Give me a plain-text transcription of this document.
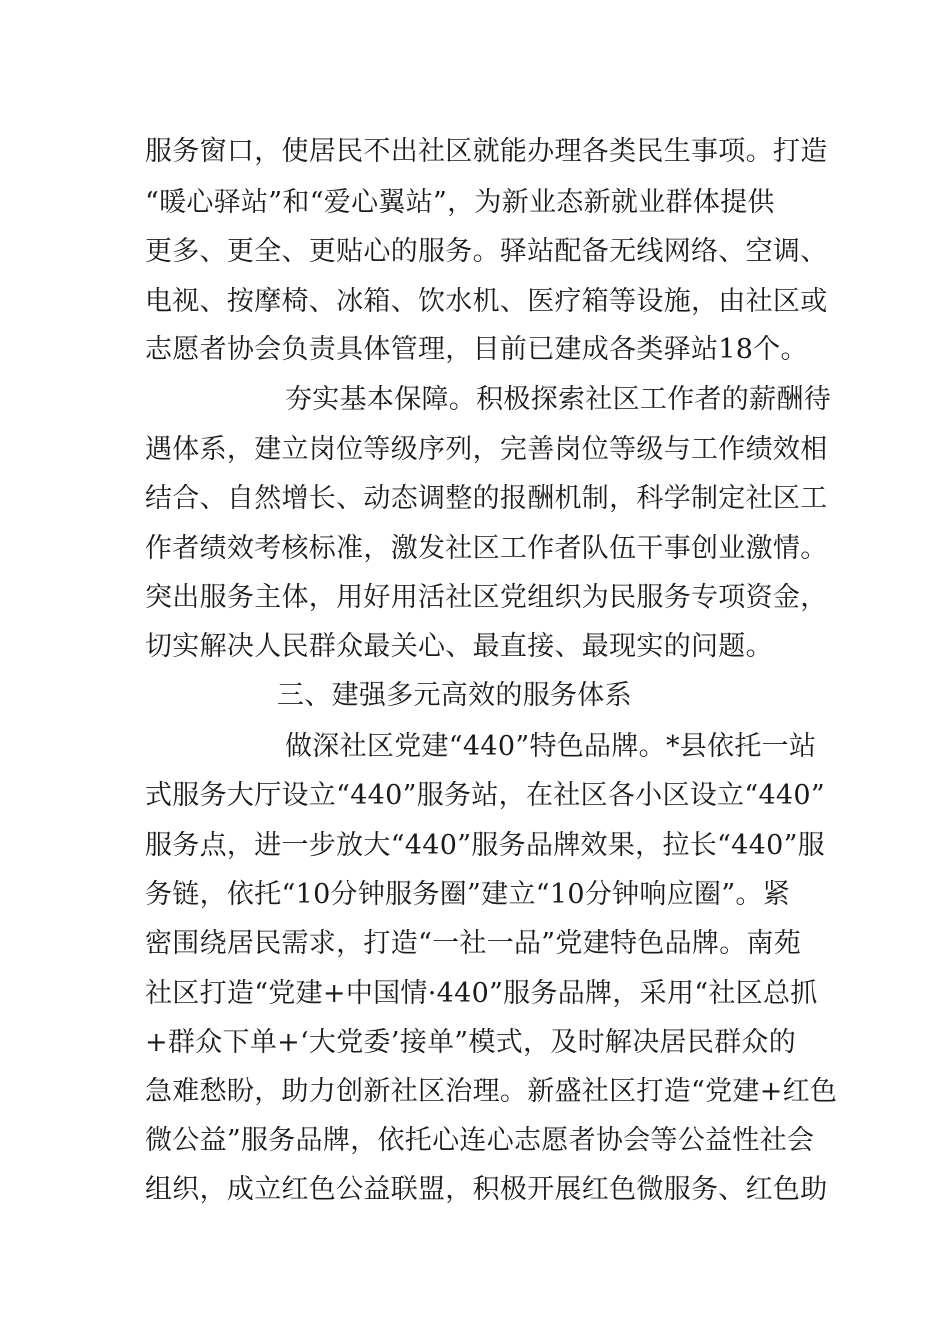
服务窗口，使居民不出社区就能办理各类民生事项。打造
“暖心驿站”和“爱心翼站”，为新业态新就业群体提供
更多、更全、更贴心的服务。驿站配备无线网络、空调、
电视、按摩椅、冰箱、饮水机、医疗箱等设施，由社区或
志愿者协会负责具体管理，目前已建成各类驿站18个。
夯实基本保障。积极探索社区工作者的薪酬待
遇体系，建立岗位等级序列，完善岗位等级与工作绩效相
结合、自然增长、动态调整的报酬机制，科学制定社区工
作者绩效考核标准，激发社区工作者队伍干事创业激情。
突出服务主体，用好用活社区党组织为民服务专项资金，
切实解决人民群众最关心、最直接、最现实的问题。
三、建强多元高效的服务体系
做深社区党建“440”特色品牌。*县依托一站
式服务大厅设立“440”服务站，在社区各小区设立“440”
服务点，进一步放大“440”服务品牌效果，拉长“440”服
务链，依托“10分钟服务圈”建立“10分钟响应圈”。紧
密围绕居民需求，打造“一社一品”党建特色品牌。南苑
社区打造“党建+中国情·440”服务品牌，采用“社区总抓
+群众下单+‘大党委’接单”模式，及时解决居民群众的
急难愁盼，助力创新社区治理。新盛社区打造“党建+红色
微公益”服务品牌，依托心连心志愿者协会等公益性社会
组织，成立红色公益联盟，积极开展红色微服务、红色助
